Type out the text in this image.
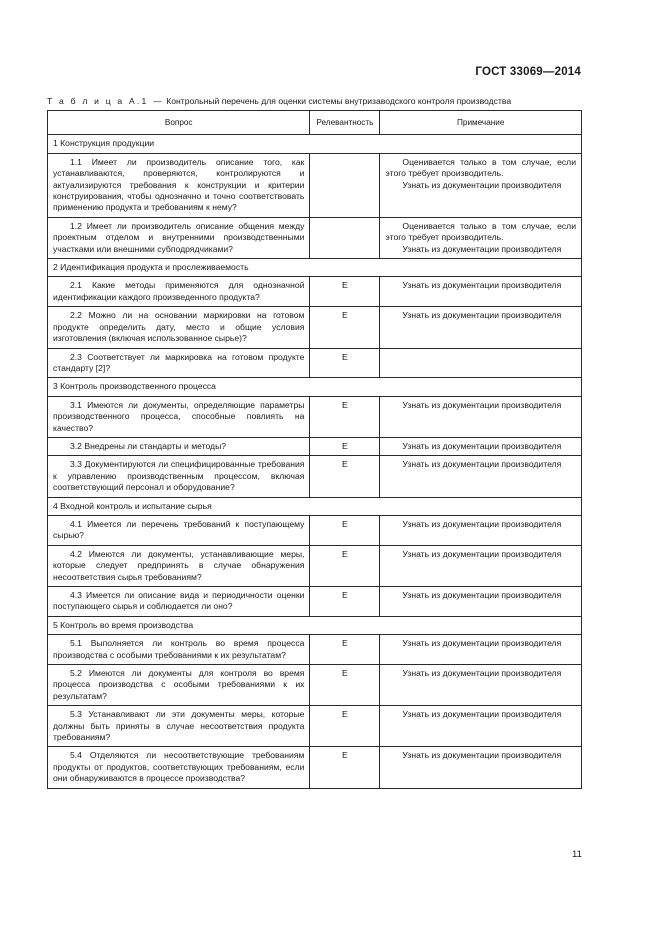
ГОСТ 33069—2014
Т а б л и ц а А.1 — Контрольный перечень для оценки системы внутризаводского контроля производства
Вопрос	Релевантность	Примечание
1 Конструкция продукции		
1.1 Имеет ли производитель описание того, как устанавливаются, проверяются, контролируются и актуализируются требования к конструкции и критерии конструирования, чтобы однозначно и точно соответствовать применению продукта и требованиям к нему?		Оценивается только в том случае, если этого требует производитель.
Узнать из документации производителя

1.2 Имеет ли производитель описание общения между проектным отделом и внутренними производственными участками или внешними субподрядчиками?		Оценивается только в том случае, если этого требует производитель.
Узнать из документации производителя

2 Идентификация продукта и прослеживаемость		
2.1 Какие методы применяются для однозначной идентификации каждого произведенного продукта?	Е	Узнать из документации производителя

2.2 Можно ли на основании маркировки на готовом продукте определить дату, место и общие условия изготовления (включая использованное сырье)?	Е	Узнать из документации производителя

2.3 Соответствует ли маркировка на готовом продукте стандарту [2]?	Е	
3 Контроль производственного процесса		
3.1 Имеются ли документы, определяющие параметры производственного процесса, способные повлиять на качество?	Е	Узнать из документации производителя

3.2 Внедрены ли стандарты и методы?	Е	Узнать из документации производителя

3.3 Документируются ли специфицированные требования к управлению производственным процессом, включая соответствующий персонал и оборудование?	Е	Узнать из документации производителя

4 Входной контроль и испытание сырья		
4.1 Имеется ли перечень требований к поступающему сырью?	Е	Узнать из документации производителя

4.2 Имеются ли документы, устанавливающие меры, которые следует предпринять в случае обнаружения несоответствия сырья требованиям?	Е	Узнать из документации производителя

4.3 Имеется ли описание вида и периодичности оценки поступающего сырья и соблюдается ли оно?	Е	Узнать из документации производителя

5 Контроль во время производства		
5.1 Выполняется ли контроль во время процесса производства с особыми требованиями к их результатам?	Е	Узнать из документации производителя

5.2 Имеются ли документы для контроля во время процесса производства с особыми требованиями к их результатам?	Е	Узнать из документации производителя

5.3 Устанавливают ли эти документы меры, которые должны быть приняты в случае несоответствия продукта требованиям?	Е	Узнать из документации производителя

5.4 Отделяются ли несоответствующие требованиям продукты от продуктов, соответствующих требованиям, если они обнаруживаются в процессе производства?	Е	Узнать из документации производителя
11
